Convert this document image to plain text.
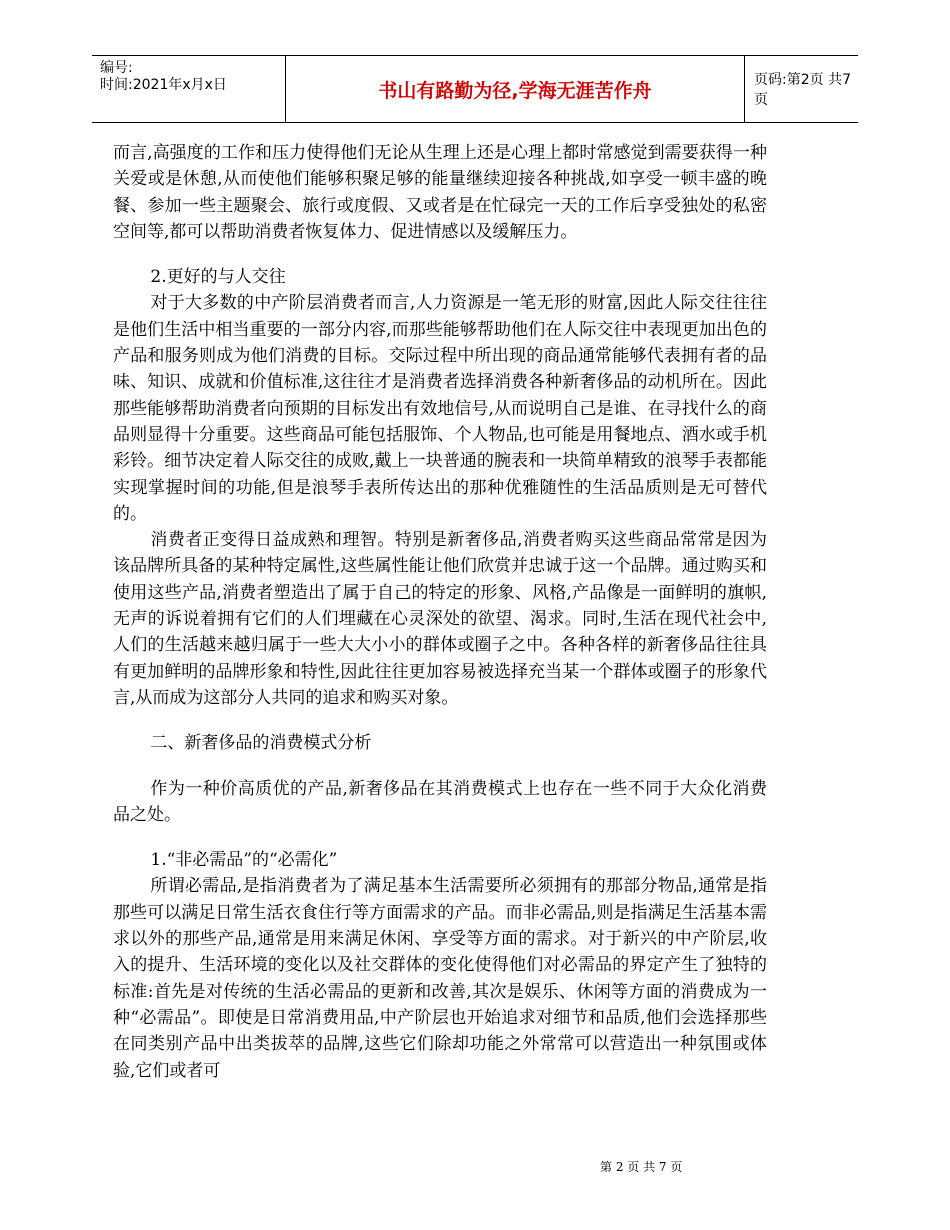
编号:
时间:2021年x月x日	书山有路勤为径,学海无涯苦作舟	页码:第2页 共7页

而言,高强度的工作和压力使得他们无论从生理上还是心理上都时常感觉到需要获得一种关爱或是休憩,从而使他们能够积聚足够的能量继续迎接各种挑战,如享受一顿丰盛的晚餐、参加一些主题聚会、旅行或度假、又或者是在忙碌完一天的工作后享受独处的私密空间等,都可以帮助消费者恢复体力、促进情感以及缓解压力。

2.更好的与人交往

对于大多数的中产阶层消费者而言,人力资源是一笔无形的财富,因此人际交往往往是他们生活中相当重要的一部分内容,而那些能够帮助他们在人际交往中表现更加出色的产品和服务则成为他们消费的目标。交际过程中所出现的商品通常能够代表拥有者的品味、知识、成就和价值标准,这往往才是消费者选择消费各种新奢侈品的动机所在。因此那些能够帮助消费者向预期的目标发出有效地信号,从而说明自己是谁、在寻找什么的商品则显得十分重要。这些商品可能包括服饰、个人物品,也可能是用餐地点、酒水或手机彩铃。细节决定着人际交往的成败,戴上一块普通的腕表和一块简单精致的浪琴手表都能实现掌握时间的功能,但是浪琴手表所传达出的那种优雅随性的生活品质则是无可替代的。

消费者正变得日益成熟和理智。特别是新奢侈品,消费者购买这些商品常常是因为该品牌所具备的某种特定属性,这些属性能让他们欣赏并忠诚于这一个品牌。通过购买和使用这些产品,消费者塑造出了属于自己的特定的形象、风格,产品像是一面鲜明的旗帜,无声的诉说着拥有它们的人们埋藏在心灵深处的欲望、渴求。同时,生活在现代社会中,人们的生活越来越归属于一些大大小小的群体或圈子之中。各种各样的新奢侈品往往具有更加鲜明的品牌形象和特性,因此往往更加容易被选择充当某一个群体或圈子的形象代言,从而成为这部分人共同的追求和购买对象。

二、新奢侈品的消费模式分析

作为一种价高质优的产品,新奢侈品在其消费模式上也存在一些不同于大众化消费品之处。

1.“非必需品”的“必需化”

所谓必需品,是指消费者为了满足基本生活需要所必须拥有的那部分物品,通常是指那些可以满足日常生活衣食住行等方面需求的产品。而非必需品,则是指满足生活基本需求以外的那些产品,通常是用来满足休闲、享受等方面的需求。对于新兴的中产阶层,收入的提升、生活环境的变化以及社交群体的变化使得他们对必需品的界定产生了独特的标准:首先是对传统的生活必需品的更新和改善,其次是娱乐、休闲等方面的消费成为一种“必需品”。即使是日常消费用品,中产阶层也开始追求对细节和品质,他们会选择那些在同类别产品中出类拔萃的品牌,这些它们除却功能之外常常可以营造出一种氛围或体验,它们或者可

第 2 页 共 7 页
